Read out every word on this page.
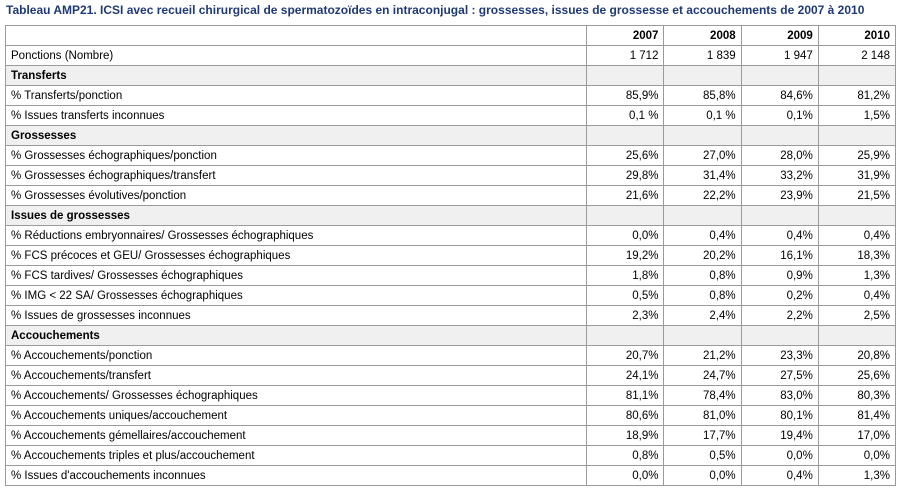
Tableau AMP21. ICSI avec recueil chirurgical de spermatozoïdes en intraconjugal : grossesses, issues de grossesse et accouchements de 2007 à 2010
	2007	2008	2009	2010
Ponctions (Nombre)	1 712	1 839	1 947	2 148
Transferts				
% Transferts/ponction	85,9%	85,8%	84,6%	81,2%
% Issues transferts inconnues	0,1 %	0,1 %	0,1%	1,5%
Grossesses				
% Grossesses échographiques/ponction	25,6%	27,0%	28,0%	25,9%
% Grossesses échographiques/transfert	29,8%	31,4%	33,2%	31,9%
% Grossesses évolutives/ponction	21,6%	22,2%	23,9%	21,5%
Issues de grossesses				
% Réductions embryonnaires/ Grossesses échographiques	0,0%	0,4%	0,4%	0,4%
% FCS précoces et GEU/ Grossesses échographiques	19,2%	20,2%	16,1%	18,3%
% FCS tardives/ Grossesses échographiques	1,8%	0,8%	0,9%	1,3%
% IMG < 22 SA/ Grossesses échographiques	0,5%	0,8%	0,2%	0,4%
% Issues de grossesses inconnues	2,3%	2,4%	2,2%	2,5%
Accouchements				
% Accouchements/ponction	20,7%	21,2%	23,3%	20,8%
% Accouchements/transfert	24,1%	24,7%	27,5%	25,6%
% Accouchements/ Grossesses échographiques	81,1%	78,4%	83,0%	80,3%
% Accouchements uniques/accouchement	80,6%	81,0%	80,1%	81,4%
% Accouchements gémellaires/accouchement	18,9%	17,7%	19,4%	17,0%
% Accouchements triples et plus/accouchement	0,8%	0,5%	0,0%	0,0%
% Issues d'accouchements inconnues	0,0%	0,0%	0,4%	1,3%
